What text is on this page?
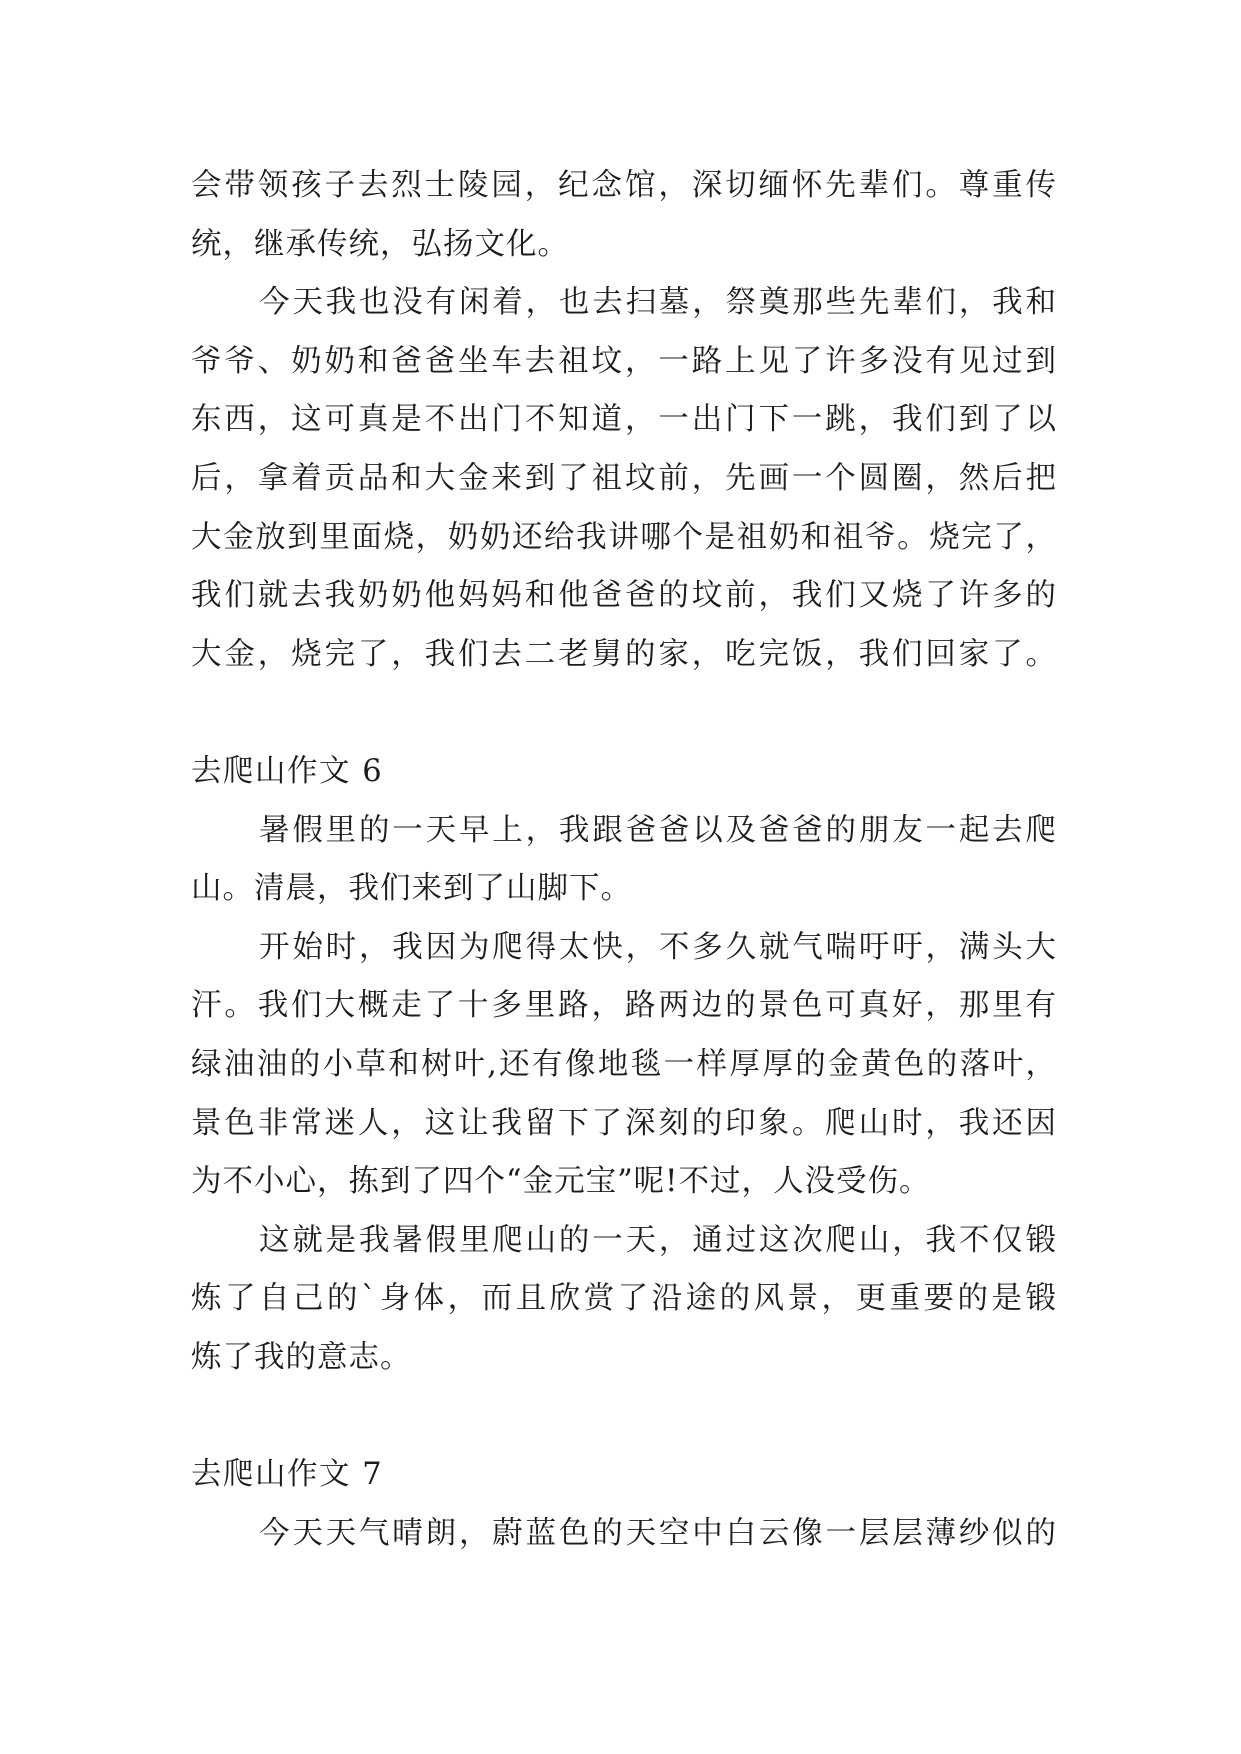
会带领孩子去烈士陵园，纪念馆，深切缅怀先辈们。尊重传
统，继承传统，弘扬文化。
今天我也没有闲着，也去扫墓，祭奠那些先辈们，我和
爷爷、奶奶和爸爸坐车去祖坟，一路上见了许多没有见过到
东西，这可真是不出门不知道，一出门下一跳，我们到了以
后，拿着贡品和大金来到了祖坟前，先画一个圆圈，然后把
大金放到里面烧，奶奶还给我讲哪个是祖奶和祖爷。烧完了，
我们就去我奶奶他妈妈和他爸爸的坟前，我们又烧了许多的
大金，烧完了，我们去二老舅的家，吃完饭，我们回家了。
去爬山作文 6
暑假里的一天早上，我跟爸爸以及爸爸的朋友一起去爬
山。清晨，我们来到了山脚下。
开始时，我因为爬得太快，不多久就气喘吁吁，满头大
汗。我们大概走了十多里路，路两边的景色可真好，那里有
绿油油的小草和树叶,还有像地毯一样厚厚的金黄色的落叶，
景色非常迷人，这让我留下了深刻的印象。爬山时，我还因
为不小心，拣到了四个“金元宝”呢!不过，人没受伤。
这就是我暑假里爬山的一天，通过这次爬山，我不仅锻
炼了自己的`身体，而且欣赏了沿途的风景，更重要的是锻
炼了我的意志。
去爬山作文 7
今天天气晴朗，蔚蓝色的天空中白云像一层层薄纱似的
